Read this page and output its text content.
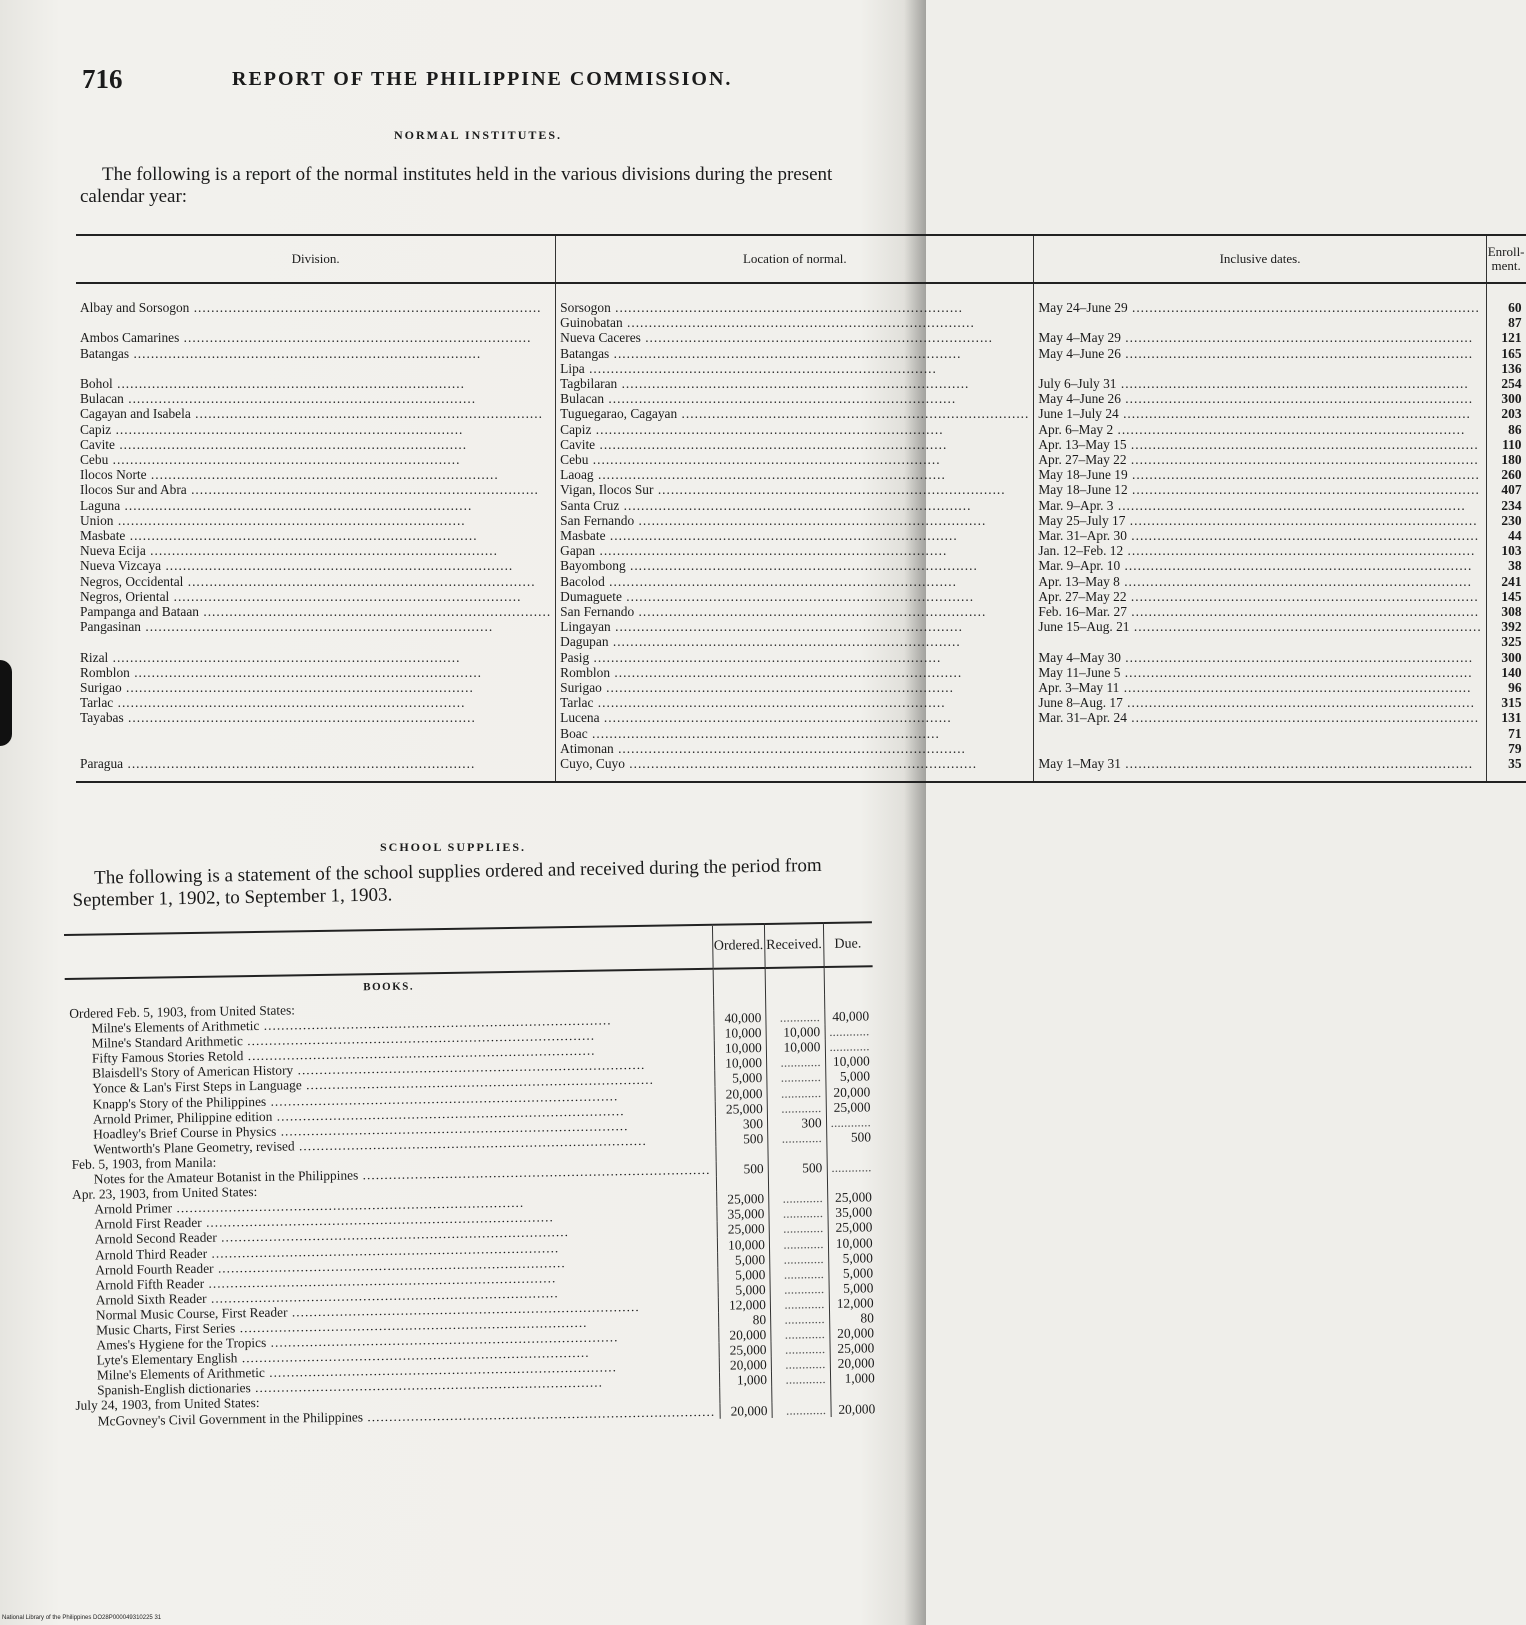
716	REPORT OF THE PHILIPPINE COMMISSION.
NORMAL INSTITUTES.
The following is a report of the normal institutes held in the various divisions during the present calendar year:
Division.	Location of normal.	Inclusive dates.	Enroll-ment.

Albay and Sorsogon .....	Sorsogon .....	May 24–June 29 .....	60

	Guinobatan .....		87

Ambos Camarines .....	Nueva Caceres .....	May 4–May 29 .....	121

Batangas .....	Batangas .....	May 4–June 26 .....	165

	Lipa .....		136

Bohol .....	Tagbilaran .....	July 6–July 31 .....	254

Bulacan .....	Bulacan .....	May 4–June 26 .....	300

Cagayan and Isabela .....	Tuguegarao, Cagayan .....	June 1–July 24 .....	203

Capiz .....	Capiz .....	Apr. 6–May 2 .....	86

Cavite .....	Cavite .....	Apr. 13–May 15 .....	110

Cebu .....	Cebu .....	Apr. 27–May 22 .....	180

Ilocos Norte .....	Laoag .....	May 18–June 19 .....	260

Ilocos Sur and Abra .....	Vigan, Ilocos Sur .....	May 18–June 12 .....	407

Laguna .....	Santa Cruz .....	Mar. 9–Apr. 3 .....	234

Union .....	San Fernando .....	May 25–July 17 .....	230

Masbate .....	Masbate .....	Mar. 31–Apr. 30 .....	44

Nueva Ecija .....	Gapan .....	Jan. 12–Feb. 12 .....	103

Nueva Vizcaya .....	Bayombong .....	Mar. 9–Apr. 10 .....	38

Negros, Occidental .....	Bacolod .....	Apr. 13–May 8 .....	241

Negros, Oriental .....	Dumaguete .....	Apr. 27–May 22 .....	145

Pampanga and Bataan .....	San Fernando .....	Feb. 16–Mar. 27 .....	308

Pangasinan .....	Lingayan .....	June 15–Aug. 21 .....	392

	Dagupan .....		325

Rizal .....	Pasig .....	May 4–May 30 .....	300

Romblon .....	Romblon .....	May 11–June 5 .....	140

Surigao .....	Surigao .....	Apr. 3–May 11 .....	96

Tarlac .....	Tarlac .....	June 8–Aug. 17 .....	315

Tayabas .....	Lucena .....	Mar. 31–Apr. 24 .....	131

	Boac .....		71

	Atimonan .....		79

Paragua .....	Cuyo, Cuyo .....	May 1–May 31 .....	35
SCHOOL SUPPLIES.
The following is a statement of the school supplies ordered and received during the period from September 1, 1902, to September 1, 1903.
	Ordered.	Received.	Due.
BOOKS.			

Ordered Feb. 5, 1903, from United States:			

Milne's Elements of Arithmetic .....	40,000	............	40,000

Milne's Standard Arithmetic .....	10,000	10,000	............

Fifty Famous Stories Retold .....	10,000	10,000	............

Blaisdell's Story of American History .....	10,000	............	10,000

Yonce & Lan's First Steps in Language .....	5,000	............	5,000

Knapp's Story of the Philippines .....	20,000	............	20,000

Arnold Primer, Philippine edition .....	25,000	............	25,000

Hoadley's Brief Course in Physics .....	300	300	............

Wentworth's Plane Geometry, revised .....	500	............	500

Feb. 5, 1903, from Manila:			

Notes for the Amateur Botanist in the Philippines .....	500	500	............

Apr. 23, 1903, from United States:			

Arnold Primer .....	25,000	............	25,000

Arnold First Reader .....	35,000	............	35,000

Arnold Second Reader .....	25,000	............	25,000

Arnold Third Reader .....	10,000	............	10,000

Arnold Fourth Reader .....	5,000	............	5,000

Arnold Fifth Reader .....	5,000	............	5,000

Arnold Sixth Reader .....	5,000	............	5,000

Normal Music Course, First Reader .....	12,000	............	12,000

Music Charts, First Series .....	80	............	80

Ames's Hygiene for the Tropics .....	20,000	............	20,000

Lyte's Elementary English .....	25,000	............	25,000

Milne's Elements of Arithmetic .....	20,000	............	20,000

Spanish-English dictionaries .....	1,000	............	1,000

July 24, 1903, from United States:			

McGovney's Civil Government in the Philippines .....	20,000	............	20,000
National Library of the Philippines DO28P000049310225 31
